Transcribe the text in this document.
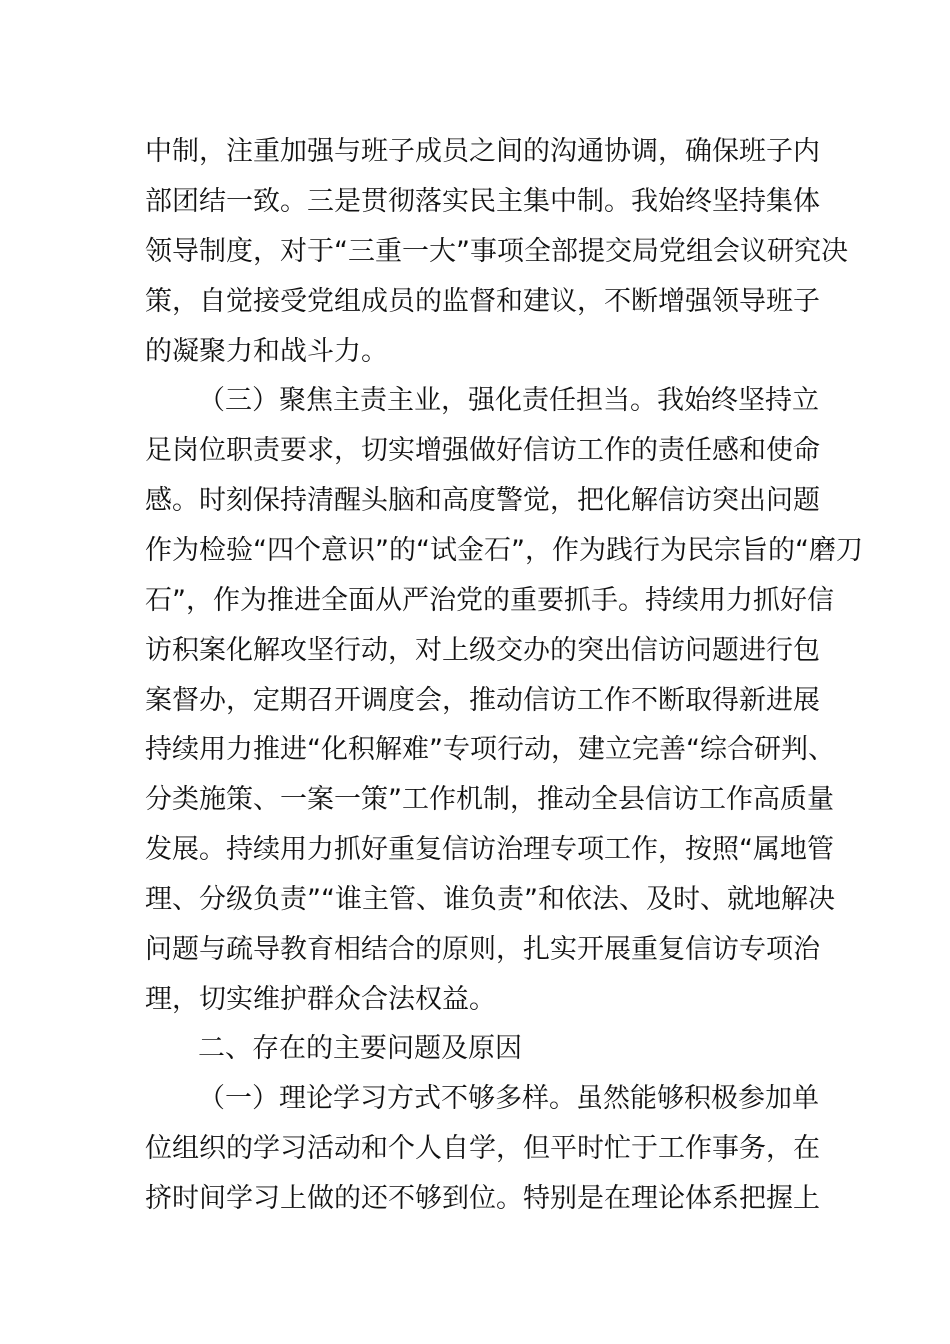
中制，注重加强与班子成员之间的沟通协调，确保班子内
部团结一致。三是贯彻落实民主集中制。我始终坚持集体
领导制度，对于“三重一大”事项全部提交局党组会议研究决
策，自觉接受党组成员的监督和建议，不断增强领导班子
的凝聚力和战斗力。
（三）聚焦主责主业，强化责任担当。我始终坚持立
足岗位职责要求，切实增强做好信访工作的责任感和使命
感。时刻保持清醒头脑和高度警觉，把化解信访突出问题
作为检验“四个意识”的“试金石”，作为践行为民宗旨的“磨刀
石”，作为推进全面从严治党的重要抓手。持续用力抓好信
访积案化解攻坚行动，对上级交办的突出信访问题进行包
案督办，定期召开调度会，推动信访工作不断取得新进展
持续用力推进“化积解难”专项行动，建立完善“综合研判、
分类施策、一案一策”工作机制，推动全县信访工作高质量
发展。持续用力抓好重复信访治理专项工作，按照“属地管
理、分级负责”“谁主管、谁负责”和依法、及时、就地解决
问题与疏导教育相结合的原则，扎实开展重复信访专项治
理，切实维护群众合法权益。
二、存在的主要问题及原因
（一）理论学习方式不够多样。虽然能够积极参加单
位组织的学习活动和个人自学，但平时忙于工作事务，在
挤时间学习上做的还不够到位。特别是在理论体系把握上
